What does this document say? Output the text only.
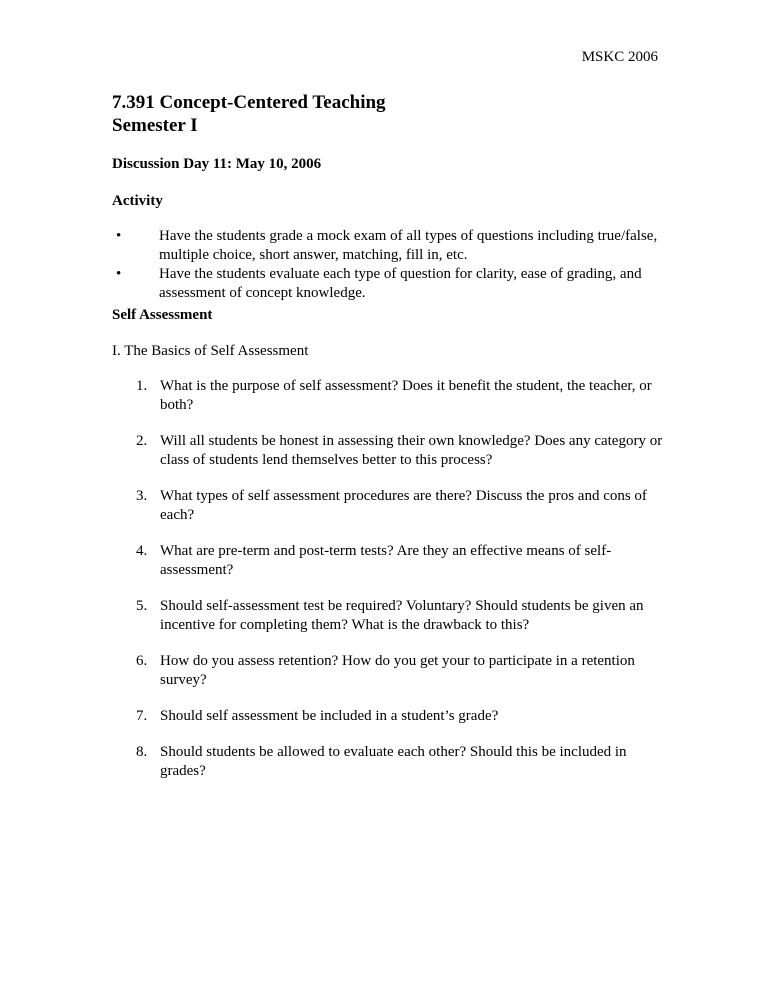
MSKC 2006
7.391 Concept-Centered Teaching
Semester I
Discussion Day 11: May 10, 2006
Activity
•	Have the students grade a mock exam of all types of questions including true/false, multiple choice, short answer, matching, fill in, etc.
•	Have the students evaluate each type of question for clarity, ease of grading, and assessment of concept knowledge.
Self Assessment
I. The Basics of Self Assessment
1. What is the purpose of self assessment? Does it benefit the student, the teacher, or both?
2. Will all students be honest in assessing their own knowledge? Does any category or class of students lend themselves better to this process?
3. What types of self assessment procedures are there? Discuss the pros and cons of each?
4. What are pre-term and post-term tests? Are they an effective means of self-assessment?
5. Should self-assessment test be required? Voluntary? Should students be given an incentive for completing them? What is the drawback to this?
6. How do you assess retention? How do you get your to participate in a retention survey?
7. Should self assessment be included in a student’s grade?
8. Should students be allowed to evaluate each other? Should this be included in grades?
